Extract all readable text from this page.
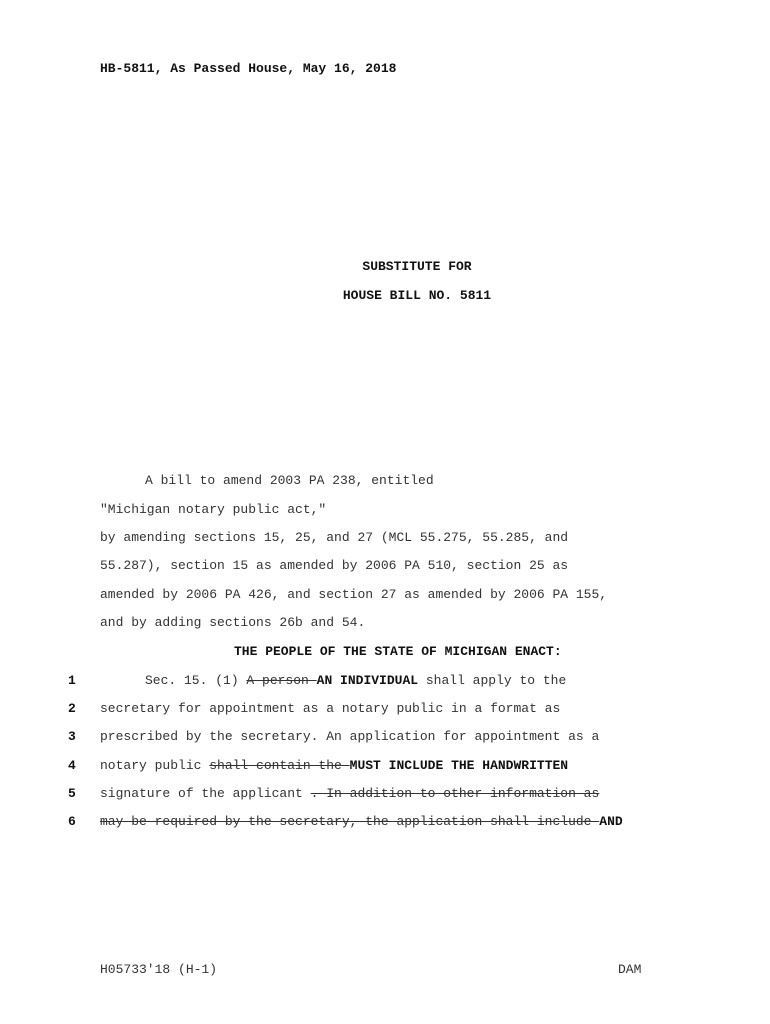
HB-5811, As Passed House, May 16, 2018
SUBSTITUTE FOR
HOUSE BILL NO. 5811
A bill to amend 2003 PA 238, entitled
"Michigan notary public act,"
by amending sections 15, 25, and 27 (MCL 55.275, 55.285, and
55.287), section 15 as amended by 2006 PA 510, section 25 as
amended by 2006 PA 426, and section 27 as amended by 2006 PA 155,
and by adding sections 26b and 54.
THE PEOPLE OF THE STATE OF MICHIGAN ENACT:
1
2
3
4
5
6
Sec. 15. (1) A person AN INDIVIDUAL shall apply to the
secretary for appointment as a notary public in a format as
prescribed by the secretary. An application for appointment as a
notary public shall contain the MUST INCLUDE THE HANDWRITTEN
signature of the applicant . In addition to other information as
may be required by the secretary, the application shall include AND
H05733'18 (H-1)	DAM
